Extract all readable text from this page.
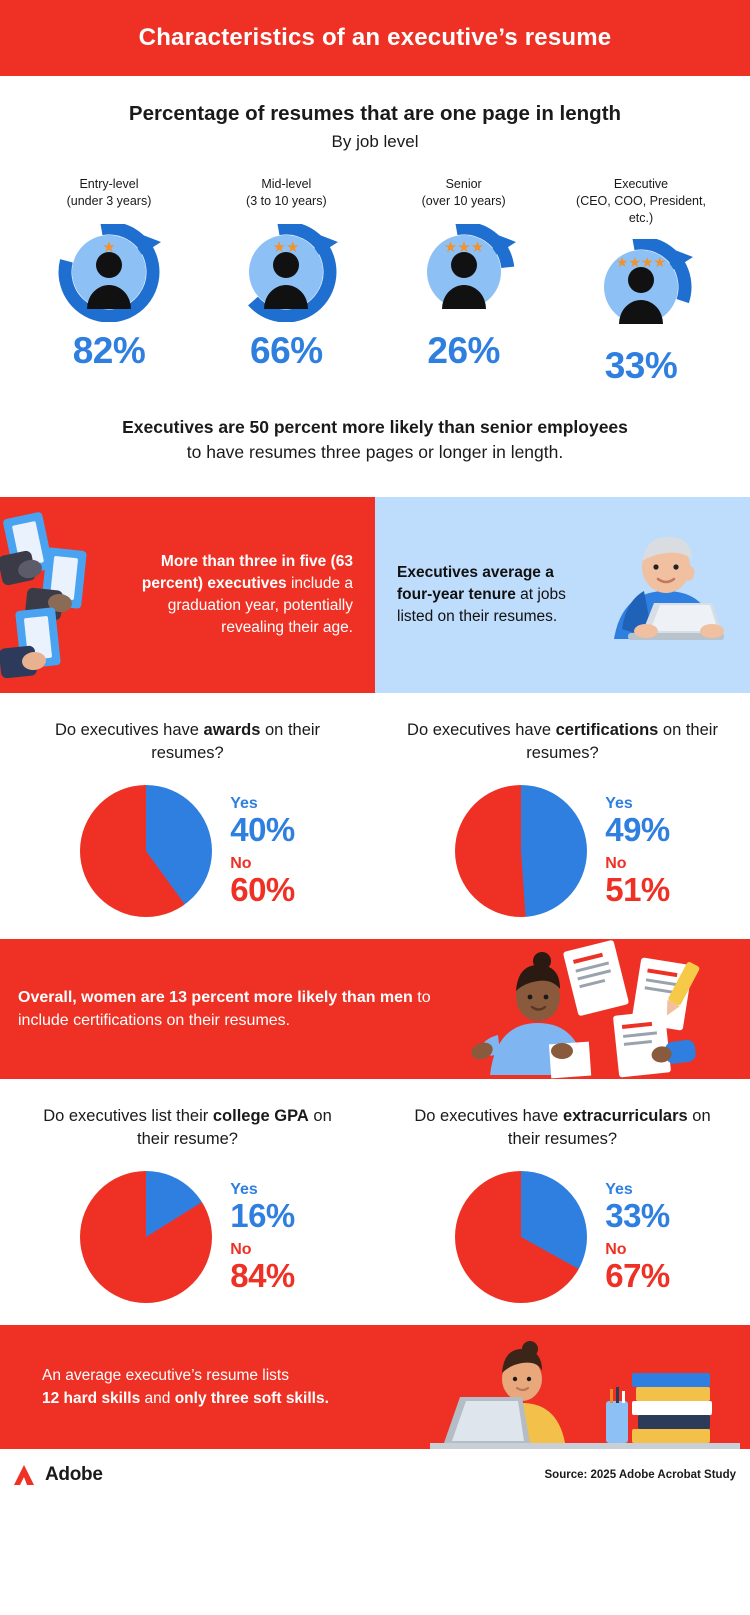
Characteristics of an executive’s resume
Percentage of resumes that are one page in length
By job level
Entry-level
(under 3 years)
★
82%
Mid-level
(3 to 10 years)
★★
66%
Senior
(over 10 years)
★★★
26%
Executive
(CEO, COO, President, etc.)
★★★★
33%
Executives are 50 percent more likely than senior employees
to have resumes three pages or longer in length.
More than three in five (63 percent) executives include a graduation year, potentially revealing their age.
Executives average a four-year tenure at jobs listed on their resumes.
Do executives have awards on their resumes?
Yes
40%
No
60%
Do executives have certifications on their resumes?
Yes
49%
No
51%
Overall, women are 13 percent more likely than men to include certifications on their resumes.
Do executives list their college GPA on their resume?
Yes
16%
No
84%
Do executives have extracurriculars on their resumes?
Yes
33%
No
67%
An average executive’s resume lists
12 hard skills and only three soft skills.
Adobe	Source: 2025 Adobe Acrobat Study
